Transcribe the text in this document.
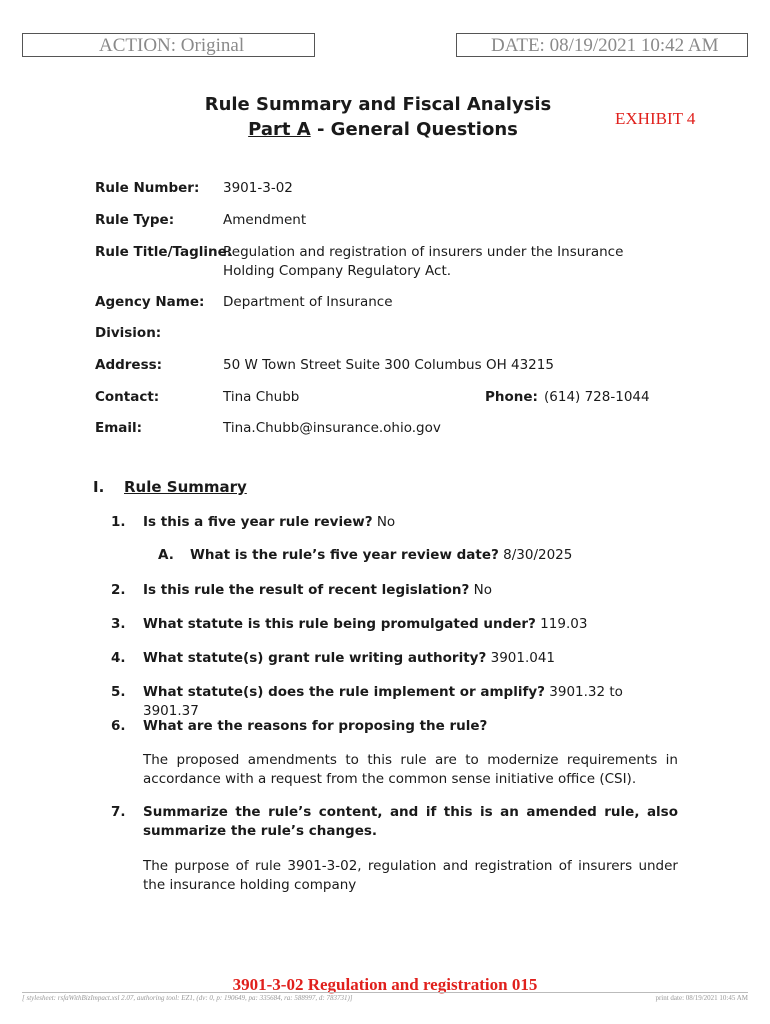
ACTION: Original	DATE: 08/19/2021 10:42 AM
Rule Summary and Fiscal Analysis
Part A - General Questions
EXHIBIT 4
Rule Number: 3901-3-02
Rule Type:	Amendment
Rule Title/Tagline:
Regulation and registration of insurers under the Insurance Holding Company Regulatory Act.
Agency Name: Department of Insurance
Division:
Address:	50 W Town Street Suite 300 Columbus OH 43215
Contact:	Tina Chubb	Phone: (614) 728-1044
Email:	Tina.Chubb@insurance.ohio.gov
I. Rule Summary
1. Is this a five year rule review? No
A. What is the rule’s five year review date? 8/30/2025
2. Is this rule the result of recent legislation? No
3. What statute is this rule being promulgated under? 119.03
4. What statute(s) grant rule writing authority? 3901.041
5. What statute(s) does the rule implement or amplify? 3901.32 to 3901.37
6. What are the reasons for proposing the rule?
The proposed amendments to this rule are to modernize requirements in accordance with a request from the common sense initiative office (CSI).
7. Summarize the rule’s content, and if this is an amended rule, also summarize the rule’s changes.
The purpose of rule 3901-3-02, regulation and registration of insurers under the insurance holding company
3901-3-02 Regulation and registration 015
[ stylesheet: rsfaWithBizImpact.xsl 2.07, authoring tool: EZ1, (dv: 0, p: 190649, pa: 335684, ra: 588997, d: 783731)]	print date: 08/19/2021 10:45 AM
